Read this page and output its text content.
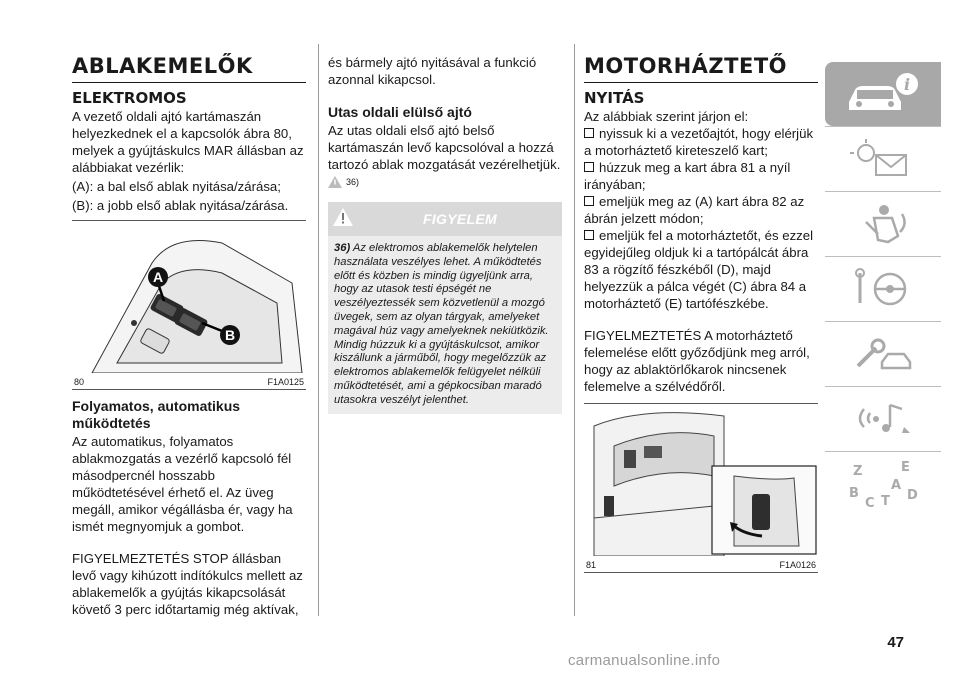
ABLAKEMELŐK
ELEKTROMOS

A vezető oldali ajtó kartámaszán helyezkednek el a kapcsolók ábra 80, melyek a gyújtáskulcs MAR állásban az alábbiakat vezérlik:

(A): a bal első ablak nyitása/zárása;

(B): a jobb első ablak nyitása/zárása.

A
B
80	F1A0125
Folyamatos, automatikus működtetés

Az automatikus, folyamatos ablakmozgatás a vezérlő kapcsoló fél másodpercnél hosszabb működtetésével érhető el. Az üveg megáll, amikor végállásba ér, vagy ha ismét megnyomjuk a gombot.

FIGYELMEZTETÉS STOP állásban levő vagy kihúzott indítókulcs mellett az ablakemelők a gyújtás kikapcsolását követő 3 perc időtartamig még aktívak,

és bármely ajtó nyitásával a funkció azonnal kikapcsol.

Utas oldali elülső ajtó

Az utas oldali első ajtó belső kartámaszán levő kapcsolóval a hozzá tartozó ablak mozgatását vezérelhetjük.

36)
FIGYELEM
36) Az elektromos ablakemelők helytelen használata veszélyes lehet. A működtetés előtt és közben is mindig ügyeljünk arra, hogy az utasok testi épségét ne veszélyeztessék sem közvetlenül a mozgó üvegek, sem az olyan tárgyak, amelyeket magával húz vagy amelyeknek nekiütközik. Mindig húzzuk ki a gyújtáskulcsot, amikor kiszállunk a járműből, hogy megelőzzük az elektromos ablakemelők felügyelet nélküli működtetését, ami a gépkocsiban maradó utasokra veszélyt jelenthet.
MOTORHÁZTETŐ
NYITÁS

Az alábbiak szerint járjon el:

nyissuk ki a vezetőajtót, hogy elérjük a motorháztető kireteszelő kart;
húzzuk meg a kart ábra 81 a nyíl irányában;
emeljük meg az (A) kart ábra 82 az ábrán jelzett módon;
emeljük fel a motorháztetőt, és ezzel egyidejűleg oldjuk ki a tartópálcát ábra 83 a rögzítő fészkéből (D), majd helyezzük a pálca végét (C) ábra 84 a motorháztető (E) tartófészkébe.

FIGYELMEZTETÉS A motorháztető felemelése előtt győződjünk meg arról, hogy az ablaktörlőkarok nincsenek felemelve a szélvédőről.

81	F1A0126
i
Z	E
A
B
C T D
47
carmanualsonline.info
